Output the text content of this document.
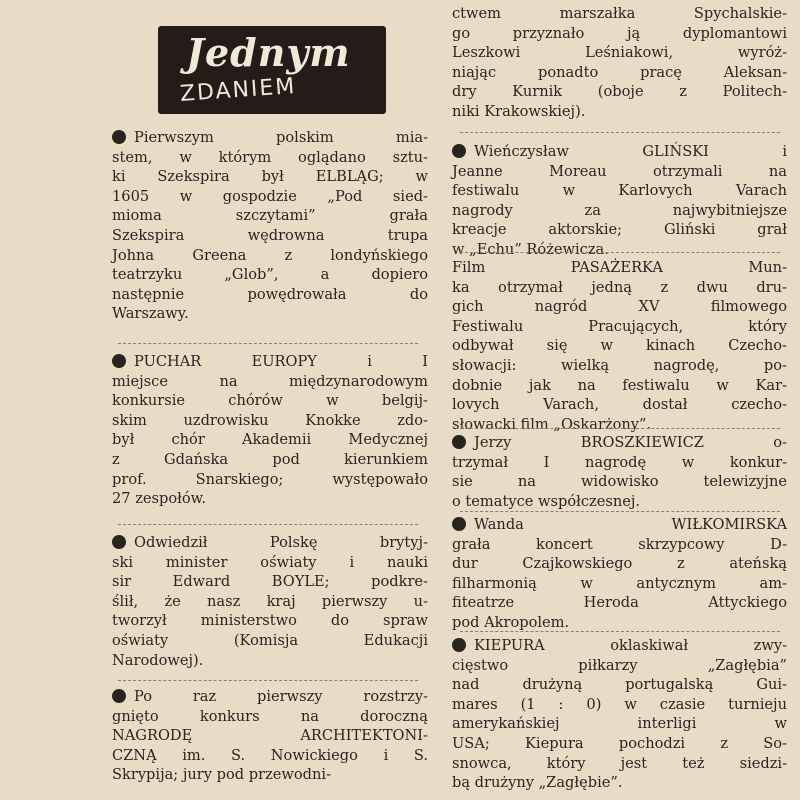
Jednym
ZDANIEM
Pierwszym polskim mia-
stem, w którym oglądano sztu-
ki Szekspira był ELBLĄG; w
1605 w gospodzie „Pod sied-
mioma szczytami” grała
Szekspira wędrowna trupa
Johna Greena z londyńskiego
teatrzyku „Glob”, a dopiero
następnie powędrowała do
Warszawy.
PUCHAR EUROPY i I
miejsce na międzynarodowym
konkursie chórów w belgij-
skim uzdrowisku Knokke zdo-
był chór Akademii Medycznej
z Gdańska pod kierunkiem
prof. Snarskiego; występowało
27 zespołów.
Odwiedził Polskę brytyj-
ski minister oświaty i nauki
sir Edward BOYLE; podkre-
ślił, że nasz kraj pierwszy u-
tworzył ministerstwo do spraw
oświaty (Komisja Edukacji
Narodowej).
Po raz pierwszy rozstrzy-
gnięto konkurs na doroczną
NAGRODĘ ARCHITEKTONI-
CZNĄ im. S. Nowickiego i S.
Skrypija; jury pod przewodni-
ctwem marszałka Spychalskie-
go przyznało ją dyplomantowi
Leszkowi Leśniakowi, wyróż-
niając ponadto pracę Aleksan-
dry Kurnik (oboje z Politech-
niki Krakowskiej).
Wieńczysław GLIŃSKI i
Jeanne Moreau otrzymali na
festiwalu w Karlovych Varach
nagrody za najwybitniejsze
kreacje aktorskie; Gliński grał
w „Echu” Różewicza.
Film PASAŻERKA Mun-
ka otrzymał jedną z dwu dru-
gich nagród XV filmowego
Festiwalu Pracujących, który
odbywał się w kinach Czecho-
słowacji: wielką nagrodę, po-
dobnie jak na festiwalu w Kar-
lovych Varach, dostał czecho-
słowacki film „Oskarżony”.
Jerzy BROSZKIEWICZ o-
trzymał I nagrodę w konkur-
sie na widowisko telewizyjne
o tematyce współczesnej.
Wanda WIŁKOMIRSKA
grała koncert skrzypcowy D-
dur Czajkowskiego z ateńską
filharmonią w antycznym am-
fiteatrze Heroda Attyckiego
pod Akropolem.
KIEPURA oklaskiwał zwy-
cięstwo piłkarzy „Zagłębia”
nad drużyną portugalską Gui-
mares (1 : 0) w czasie turnieju
amerykańskiej interligi w
USA; Kiepura pochodzi z So-
snowca, który jest też siedzi-
bą drużyny „Zagłębie”.
